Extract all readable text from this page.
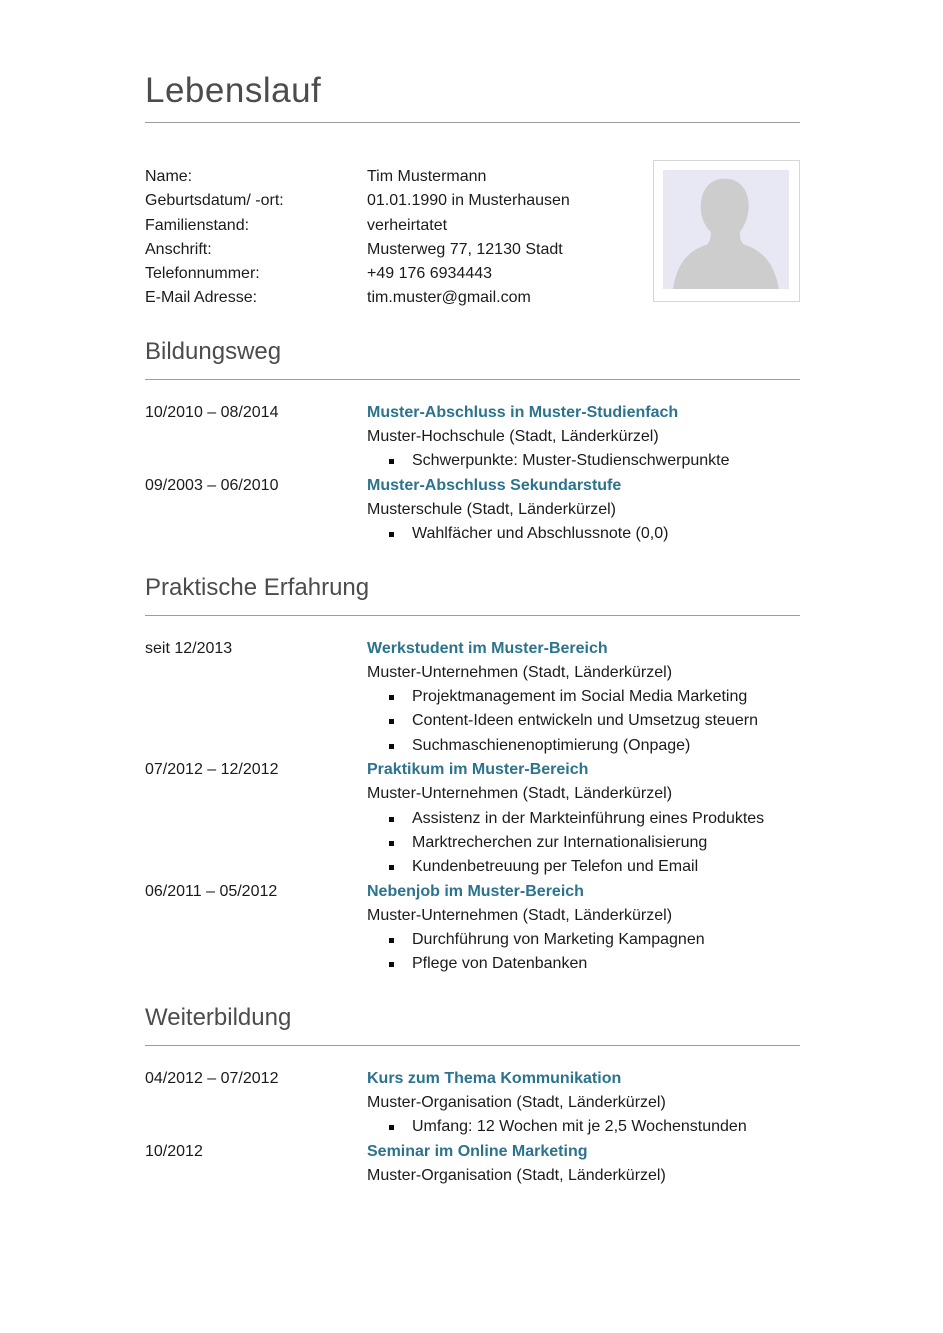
Lebenslauf
Name:	Tim Mustermann
Geburtsdatum/ -ort:	01.01.1990 in Musterhausen
Familienstand:	verheirtatet
Anschrift:	Musterweg 77, 12130 Stadt
Telefonnummer:	+49 176 6934443
E-Mail Adresse:	tim.muster@gmail.com
Bildungsweg
10/2010 – 08/2014	Muster-Abschluss in Muster-Studienfach
Muster-Hochschule (Stadt, Länderkürzel)
Schwerpunkte: Muster-Studienschwerpunkte
09/2003 – 06/2010	Muster-Abschluss Sekundarstufe
Musterschule (Stadt, Länderkürzel)
Wahlfächer und Abschlussnote (0,0)
Praktische Erfahrung
seit 12/2013	Werkstudent im Muster-Bereich
Muster-Unternehmen (Stadt, Länderkürzel)
Projektmanagement im Social Media Marketing
Content-Ideen entwickeln und Umsetzug steuern
Suchmaschienenoptimierung (Onpage)
07/2012 – 12/2012	Praktikum im Muster-Bereich
Muster-Unternehmen (Stadt, Länderkürzel)
Assistenz in der Markteinführung eines Produktes
Marktrecherchen zur Internationalisierung
Kundenbetreuung per Telefon und Email
06/2011 – 05/2012	Nebenjob im Muster-Bereich
Muster-Unternehmen (Stadt, Länderkürzel)
Durchführung von Marketing Kampagnen
Pflege von Datenbanken
Weiterbildung
04/2012 – 07/2012	Kurs zum Thema Kommunikation
Muster-Organisation (Stadt, Länderkürzel)
Umfang: 12 Wochen mit je 2,5 Wochenstunden
10/2012	Seminar im Online Marketing
Muster-Organisation (Stadt, Länderkürzel)
